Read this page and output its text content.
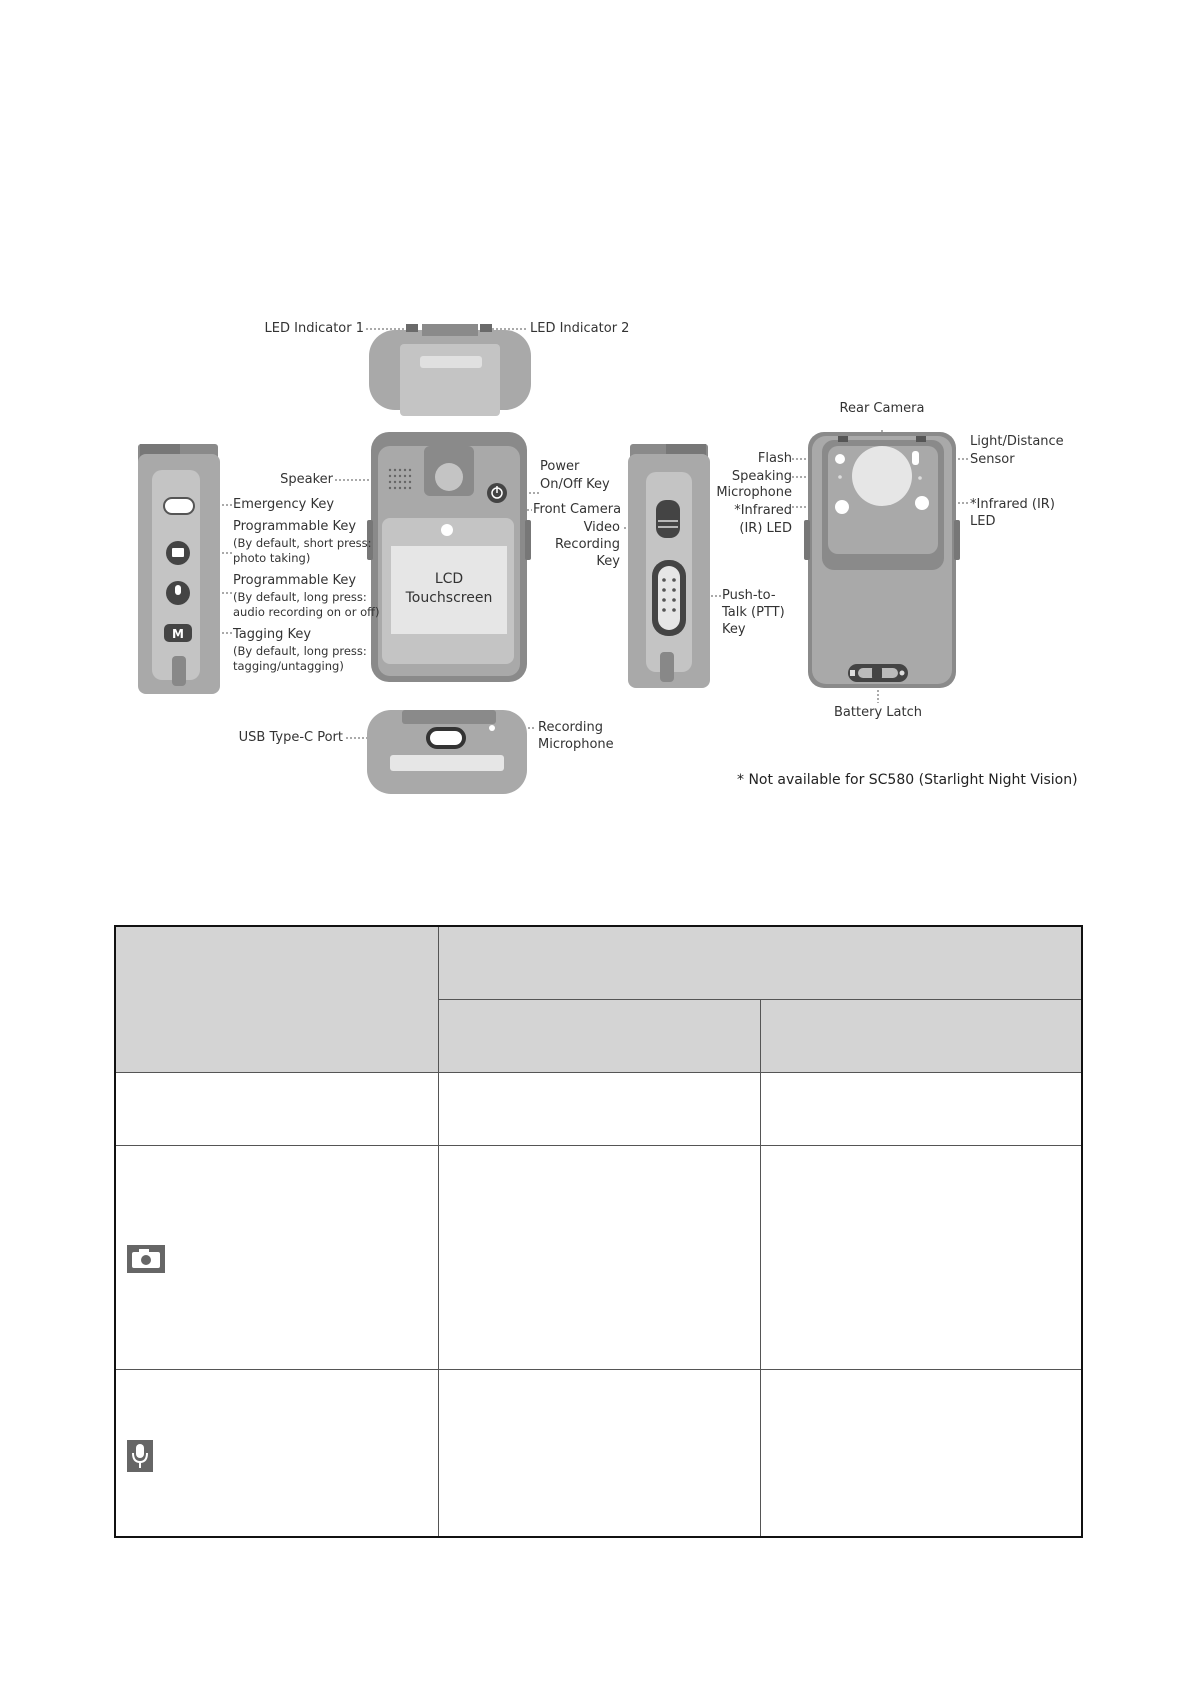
M
LED Indicator 1	LED Indicator 2
Speaker
Emergency Key
Programmable Key
(By default, short press:
photo taking)
Programmable Key
(By default, long press:
audio recording on or off)
Tagging Key
(By default, long press:
tagging/untagging)
Power
On/Off Key
Front Camera
LCD
Touchscreen
Video
Recording
Key
Push-to-
Talk (PTT)
Key
Rear Camera
Light/Distance
Sensor
Flash
Speaking
Microphone
*Infrared
(IR) LED
*Infrared (IR)
LED
Battery Latch
USB Type-C Port
Recording
Microphone
* Not available for SC580 (Starlight Night Vision)
